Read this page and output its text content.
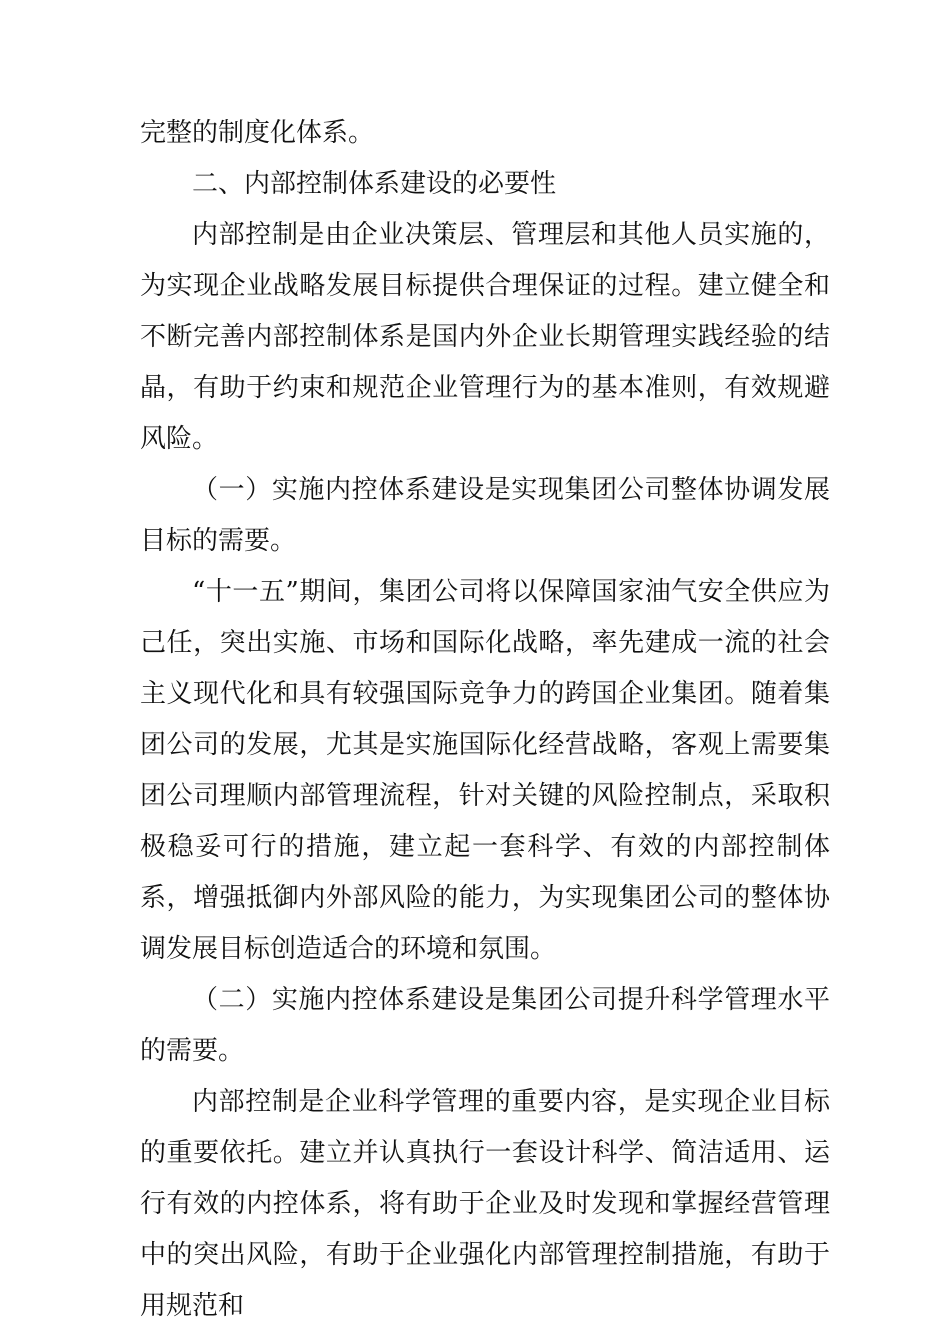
完整的制度化体系。

二、内部控制体系建设的必要性

内部控制是由企业决策层、管理层和其他人员实施的，为实现企业战略发展目标提供合理保证的过程。建立健全和不断完善内部控制体系是国内外企业长期管理实践经验的结晶，有助于约束和规范企业管理行为的基本准则，有效规避风险。

（一）实施内控体系建设是实现集团公司整体协调发展目标的需要。

“十一五”期间，集团公司将以保障国家油气安全供应为己任，突出实施、市场和国际化战略，率先建成一流的社会主义现代化和具有较强国际竞争力的跨国企业集团。随着集团公司的发展，尤其是实施国际化经营战略，客观上需要集团公司理顺内部管理流程，针对关键的风险控制点，采取积极稳妥可行的措施，建立起一套科学、有效的内部控制体系，增强抵御内外部风险的能力，为实现集团公司的整体协调发展目标创造适合的环境和氛围。

（二）实施内控体系建设是集团公司提升科学管理水平的需要。

内部控制是企业科学管理的重要内容，是实现企业目标的重要依托。建立并认真执行一套设计科学、简洁适用、运行有效的内控体系，将有助于企业及时发现和掌握经营管理中的突出风险，有助于企业强化内部管理控制措施，有助于用规范和
